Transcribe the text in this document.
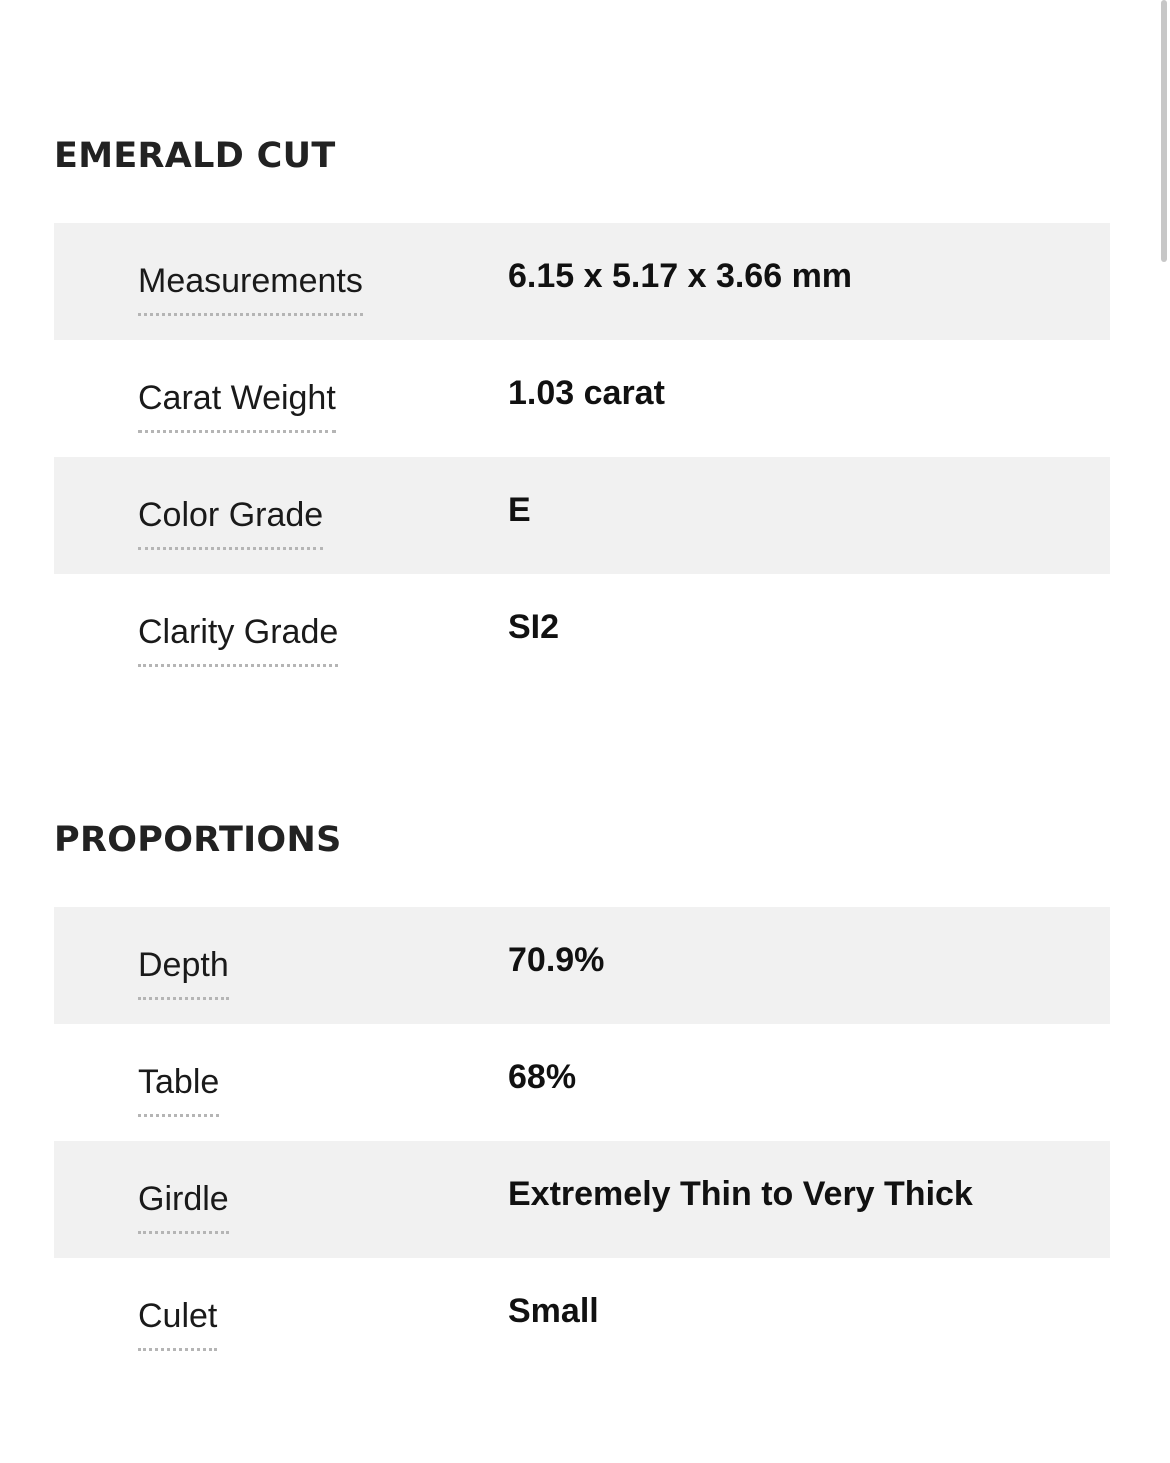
EMERALD CUT
Measurements	6.15 x 5.17 x 3.66 mm
Carat Weight	1.03 carat
Color Grade	E
Clarity Grade	SI2
PROPORTIONS
Depth	70.9%
Table	68%
Girdle	Extremely Thin to Very Thick
Culet	Small
